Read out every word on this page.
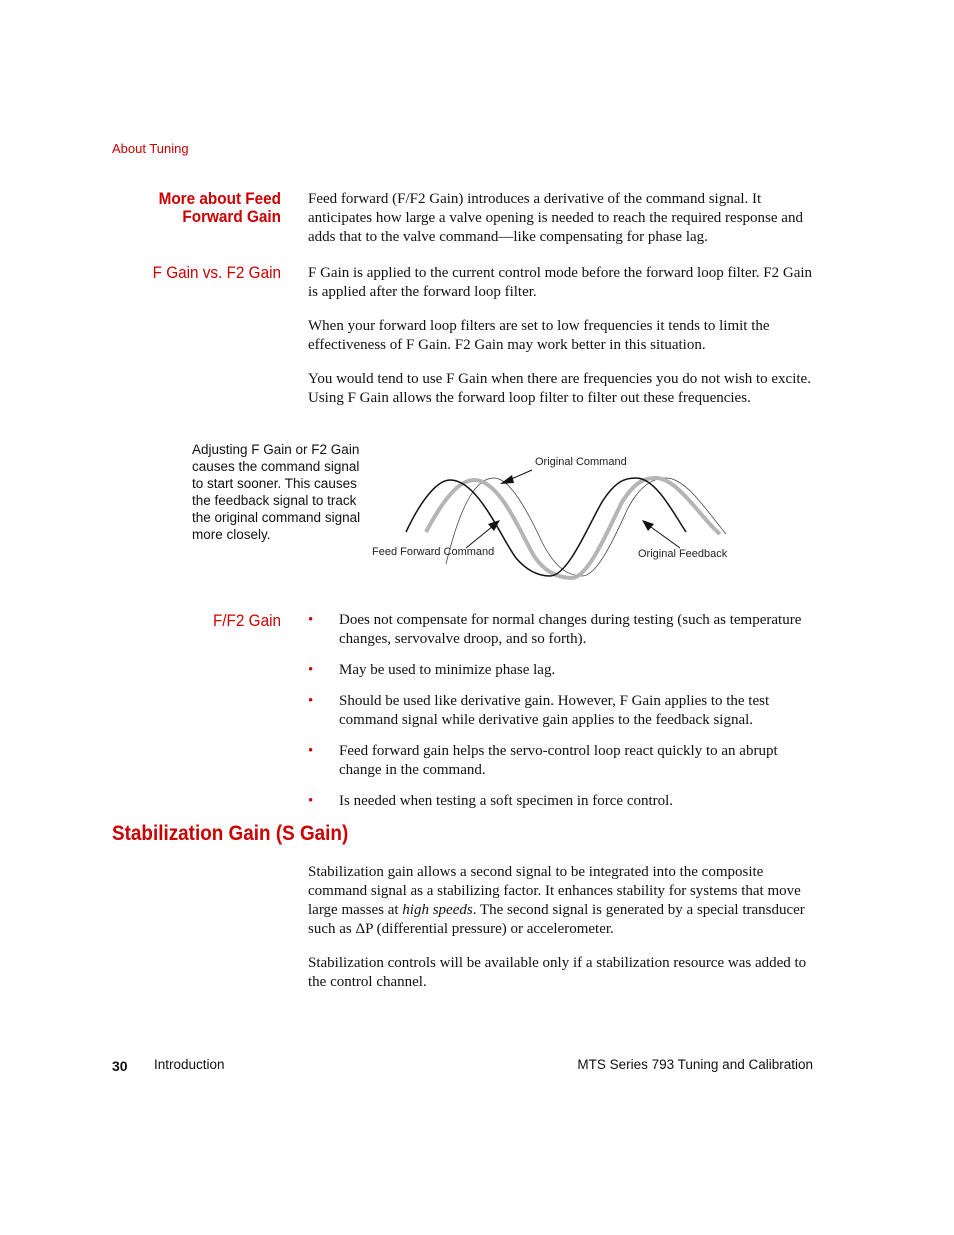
About Tuning
More about Feed
Forward Gain
Feed forward (F/F2 Gain) introduces a derivative of the command signal. It anticipates how large a valve opening is needed to reach the required response and adds that to the valve command—like compensating for phase lag.
F Gain vs. F2 Gain F Gain is applied to the current control mode before the forward loop filter. F2 Gain is applied after the forward loop filter.
When your forward loop filters are set to low frequencies it tends to limit the effectiveness of F Gain. F2 Gain may work better in this situation.
You would tend to use F Gain when there are frequencies you do not wish to excite. Using F Gain allows the forward loop filter to filter out these frequencies.
Adjusting F Gain or F2 Gain causes the command signal to start sooner. This causes the feedback signal to track the original command signal more closely.
Original Command
Feed Forward Command	Original Feedback
F/F2 Gain • Does not compensate for normal changes during testing (such as temperature changes, servovalve droop, and so forth).
• May be used to minimize phase lag.
• Should be used like derivative gain. However, F Gain applies to the test command signal while derivative gain applies to the feedback signal.
• Feed forward gain helps the servo-control loop react quickly to an abrupt change in the command.
• Is needed when testing a soft specimen in force control.
Stabilization Gain (S Gain)
Stabilization gain allows a second signal to be integrated into the composite command signal as a stabilizing factor. It enhances stability for systems that move large masses at high speeds. The second signal is generated by a special transducer such as ΔP (differential pressure) or accelerometer.
Stabilization controls will be available only if a stabilization resource was added to the control channel.
30 Introduction	MTS Series 793 Tuning and Calibration
